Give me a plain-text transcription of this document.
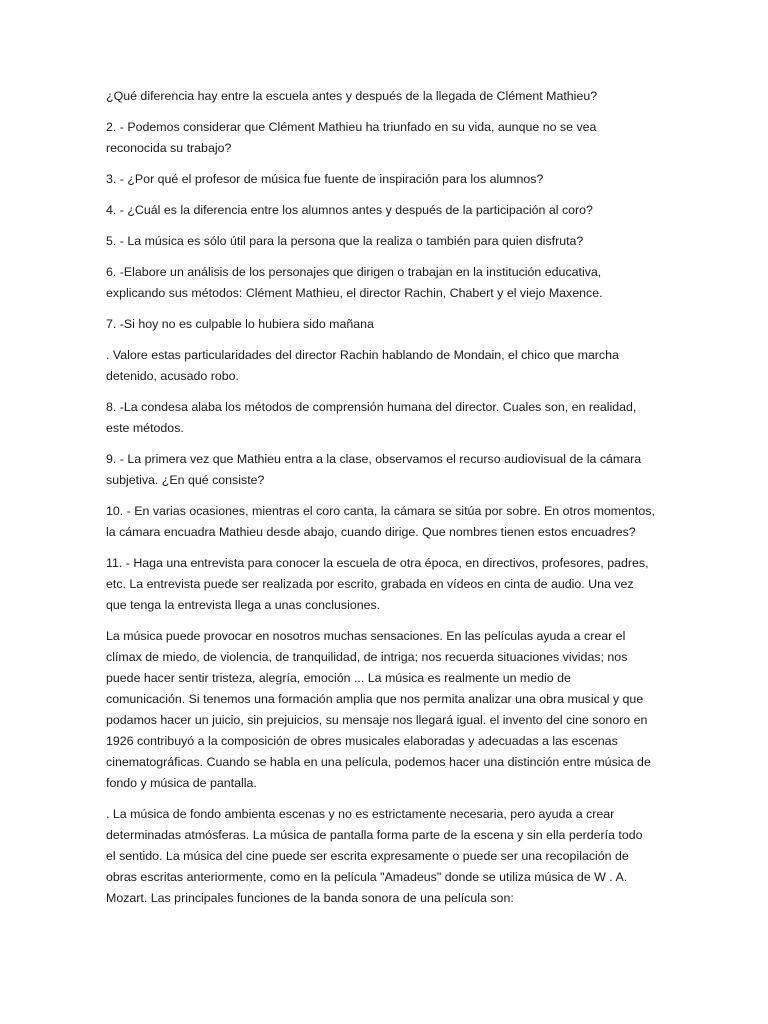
¿Qué diferencia hay entre la escuela antes y después de la llegada de Clément Mathieu?

2. - Podemos considerar que Clément Mathieu ha triunfado en su vida, aunque no se vea
reconocida su trabajo?

3. - ¿Por qué el profesor de música fue fuente de inspiración para los alumnos?

4. - ¿Cuál es la diferencia entre los alumnos antes y después de la participación al coro?

5. - La música es sólo útil para la persona que la realiza o también para quien disfruta?

6. -Elabore un análisis de los personajes que dirigen o trabajan en la institución educativa,
explicando sus métodos: Clément Mathieu, el director Rachin, Chabert y el viejo Maxence.

7. -Si hoy no es culpable lo hubiera sido mañana

. Valore estas particularidades del director Rachin hablando de Mondain, el chico que marcha
detenido, acusado robo.

8. -La condesa alaba los métodos de comprensión humana del director. Cuales son, en realidad,
este métodos.

9. - La primera vez que Mathieu entra a la clase, observamos el recurso audiovisual de la cámara
subjetiva. ¿En qué consiste?

10. - En varias ocasiones, mientras el coro canta, la cámara se sitúa por sobre. En otros momentos,
la cámara encuadra Mathieu desde abajo, cuando dirige. Que nombres tienen estos encuadres?

11. - Haga una entrevista para conocer la escuela de otra época, en directivos, profesores, padres,
etc. La entrevista puede ser realizada por escrito, grabada en vídeos en cinta de audio. Una vez
que tenga la entrevista llega a unas conclusiones.

La música puede provocar en nosotros muchas sensaciones. En las películas ayuda a crear el
clímax de miedo, de violencia, de tranquilidad, de intriga; nos recuerda situaciones vividas; nos
puede hacer sentir tristeza, alegría, emoción ... La música es realmente un medio de
comunicación. Si tenemos una formación amplia que nos permita analizar una obra musical y que
podamos hacer un juicio, sin prejuicios, su mensaje nos llegará igual. el invento del cine sonoro en
1926 contribuyó a la composición de obres musicales elaboradas y adecuadas a las escenas
cinematográficas. Cuando se habla en una película, podemos hacer una distinción entre música de
fondo y música de pantalla.

. La música de fondo ambienta escenas y no es estrictamente necesaria, pero ayuda a crear
determinadas atmósferas. La música de pantalla forma parte de la escena y sin ella perdería todo
el sentido. La música del cine puede ser escrita expresamente o puede ser una recopilación de
obras escritas anteriormente, como en la película "Amadeus" donde se utiliza música de W . A.
Mozart. Las principales funciones de la banda sonora de una película son:
